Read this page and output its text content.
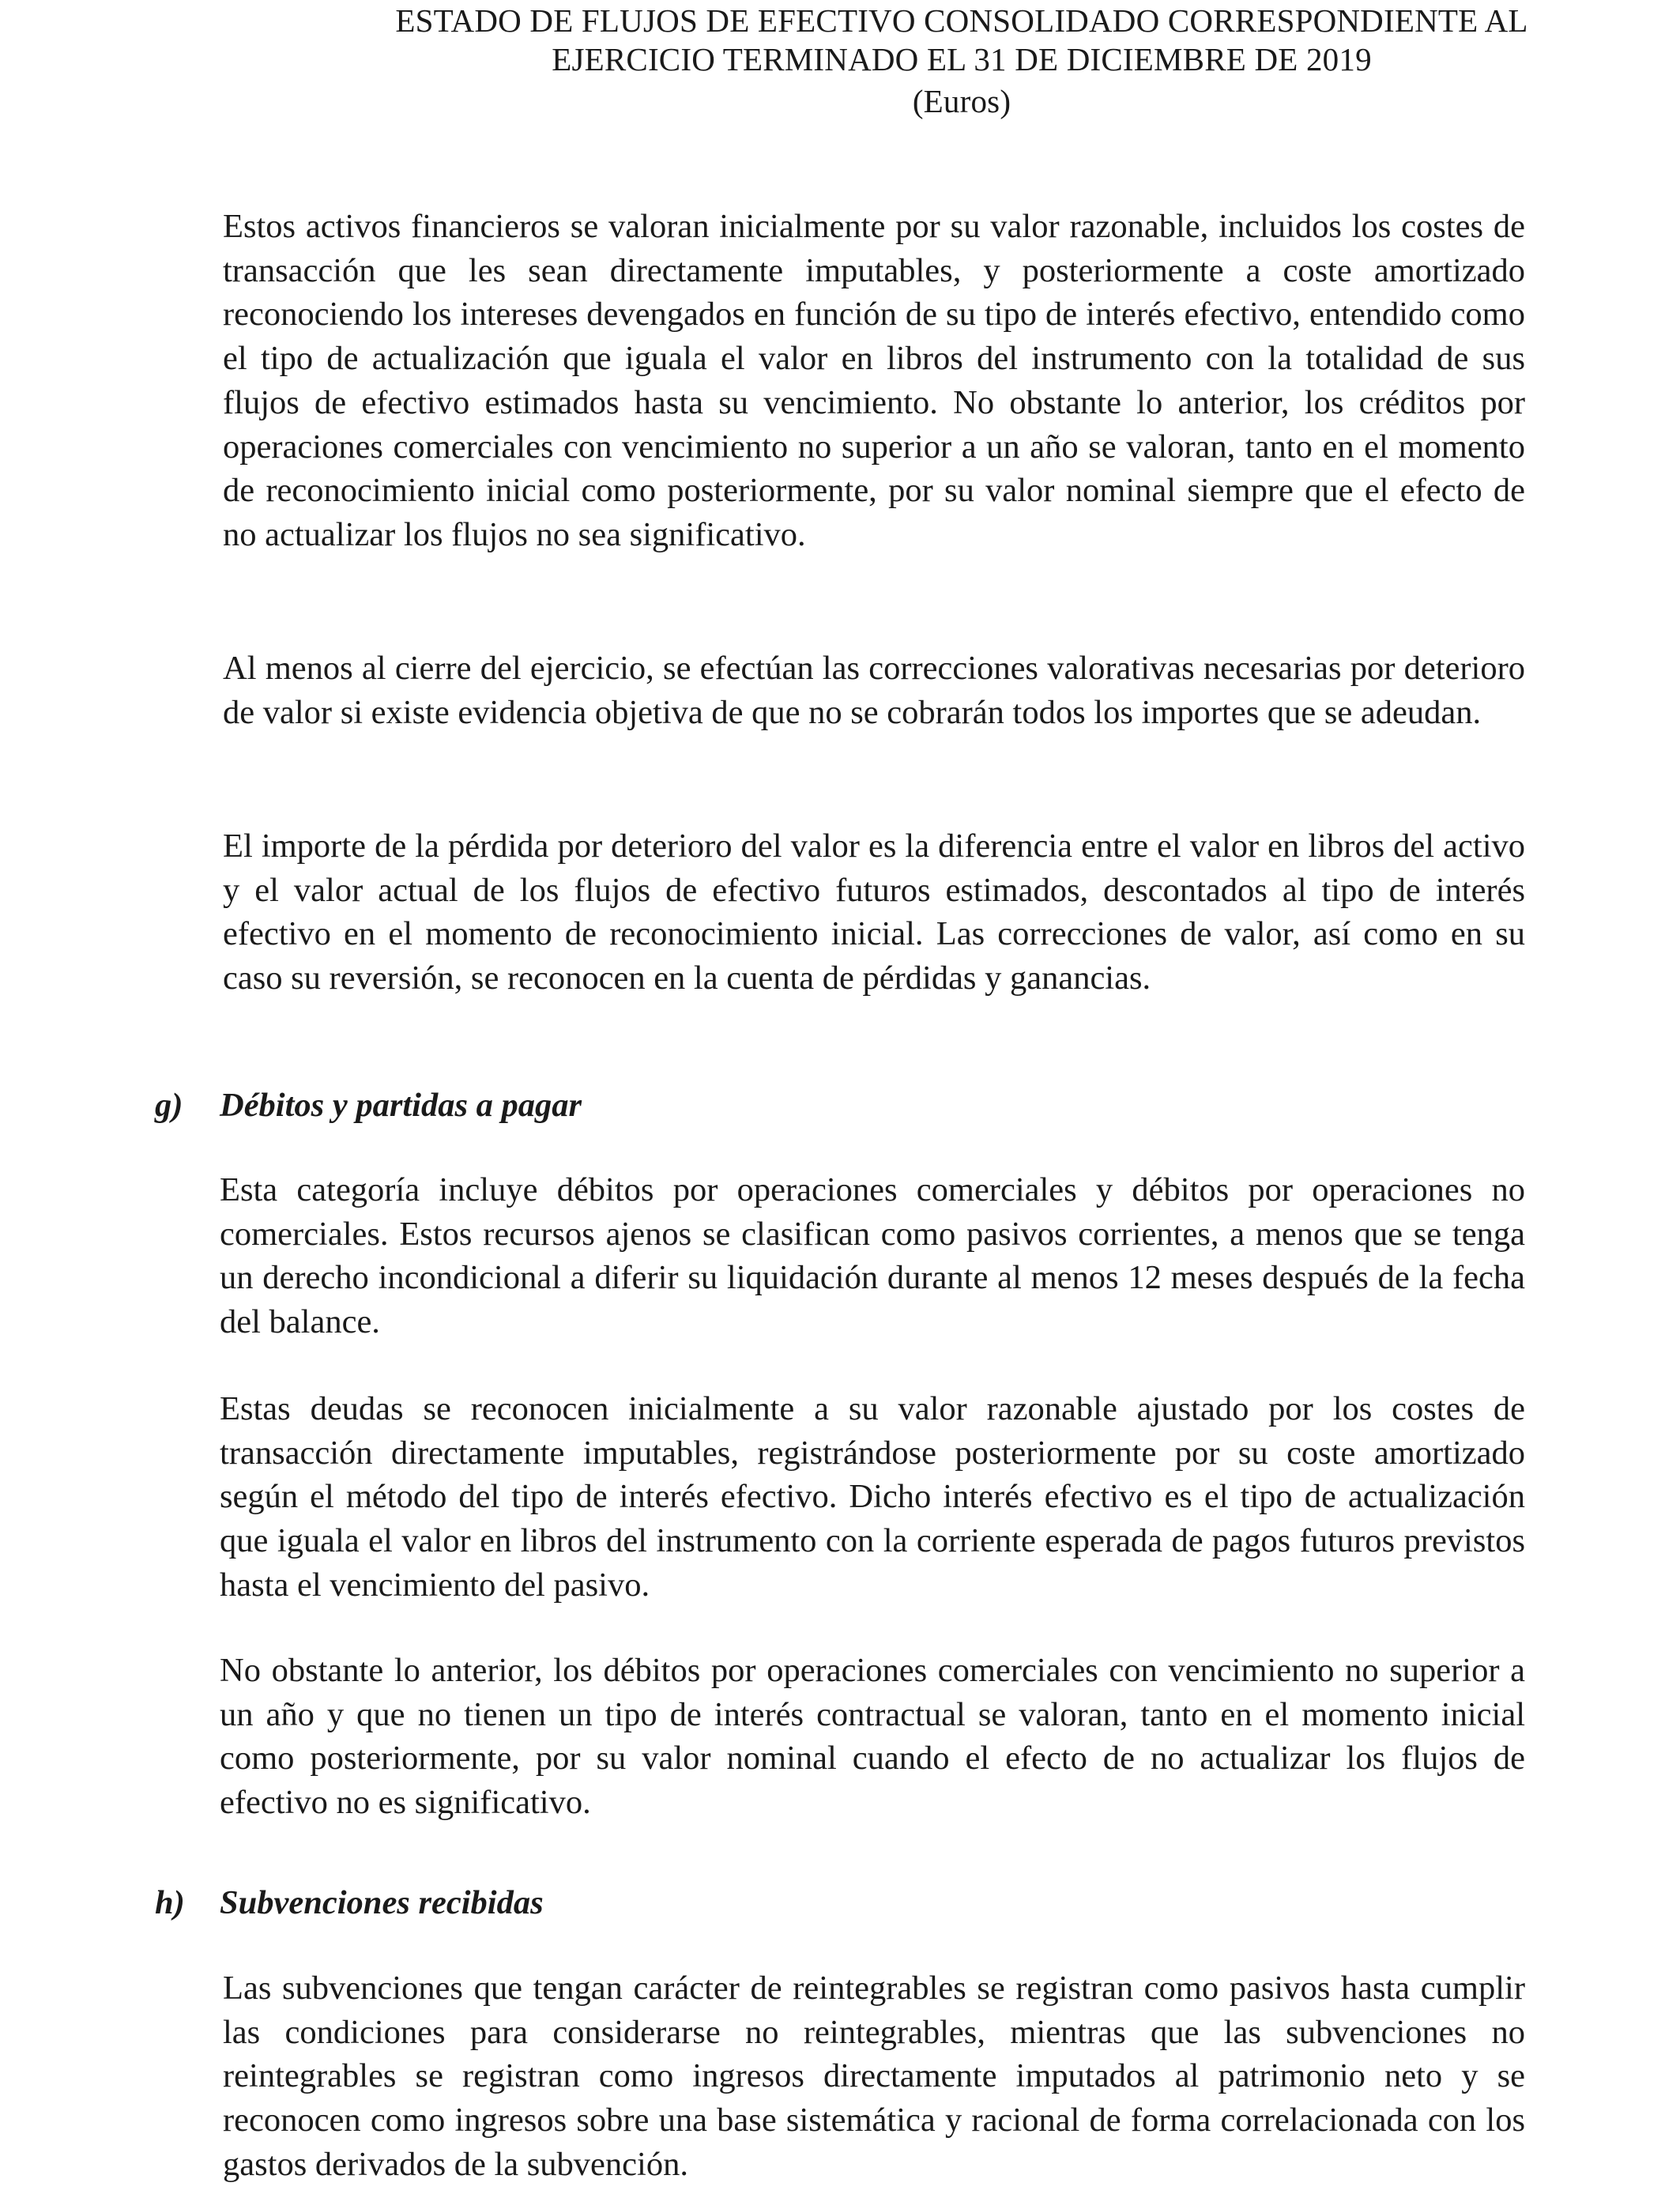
ESTADO DE FLUJOS DE EFECTIVO CONSOLIDADO CORRESPONDIENTE AL
EJERCICIO TERMINADO EL 31 DE DICIEMBRE DE 2019
(Euros)

Estos activos financieros se valoran inicialmente por su valor razonable, incluidos los costes de transacción que les sean directamente imputables, y posteriormente a coste amortizado reconociendo los intereses devengados en función de su tipo de interés efectivo, entendido como el tipo de actualización que iguala el valor en libros del instrumento con la totalidad de sus flujos de efectivo estimados hasta su vencimiento. No obstante lo anterior, los créditos por operaciones comerciales con vencimiento no superior a un año se valoran, tanto en el momento de reconocimiento inicial como posteriormente, por su valor nominal siempre que el efecto de no actualizar los flujos no sea significativo.

Al menos al cierre del ejercicio, se efectúan las correcciones valorativas necesarias por deterioro de valor si existe evidencia objetiva de que no se cobrarán todos los importes que se adeudan.

El importe de la pérdida por deterioro del valor es la diferencia entre el valor en libros del activo y el valor actual de los flujos de efectivo futuros estimados, descontados al tipo de interés efectivo en el momento de reconocimiento inicial. Las correcciones de valor, así como en su caso su reversión, se reconocen en la cuenta de pérdidas y ganancias.

g) Débitos y partidas a pagar

Esta categoría incluye débitos por operaciones comerciales y débitos por operaciones no comerciales. Estos recursos ajenos se clasifican como pasivos corrientes, a menos que se tenga un derecho incondicional a diferir su liquidación durante al menos 12 meses después de la fecha del balance.

Estas deudas se reconocen inicialmente a su valor razonable ajustado por los costes de transacción directamente imputables, registrándose posteriormente por su coste amortizado según el método del tipo de interés efectivo. Dicho interés efectivo es el tipo de actualización que iguala el valor en libros del instrumento con la corriente esperada de pagos futuros previstos hasta el vencimiento del pasivo.

No obstante lo anterior, los débitos por operaciones comerciales con vencimiento no superior a un año y que no tienen un tipo de interés contractual se valoran, tanto en el momento inicial como posteriormente, por su valor nominal cuando el efecto de no actualizar los flujos de efectivo no es significativo.

h) Subvenciones recibidas

Las subvenciones que tengan carácter de reintegrables se registran como pasivos hasta cumplir las condiciones para considerarse no reintegrables, mientras que las subvenciones no reintegrables se registran como ingresos directamente imputados al patrimonio neto y se reconocen como ingresos sobre una base sistemática y racional de forma correlacionada con los gastos derivados de la subvención.
